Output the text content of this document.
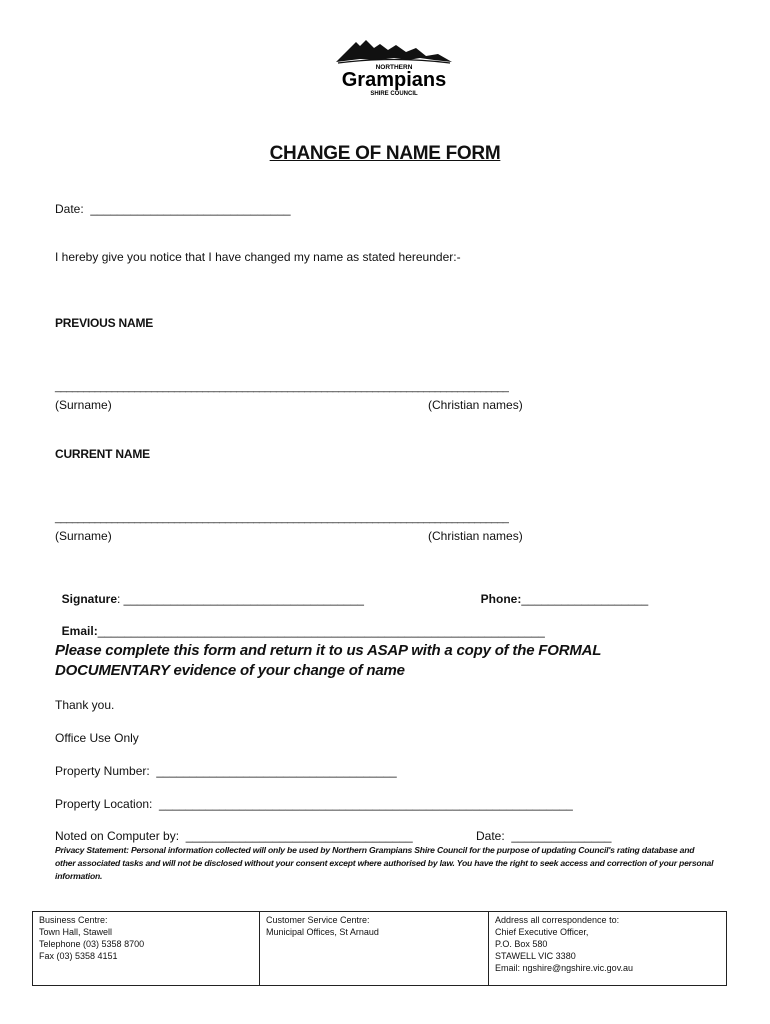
NORTHERN
Grampians
SHIRE COUNCIL
CHANGE OF NAME FORM
Date:  ______________________________
I hereby give you notice that I have changed my name as stated hereunder:-
PREVIOUS NAME
________________________________________________________________________________
(Surname)	(Christian names)
CURRENT NAME
________________________________________________________________________________
(Surname)	(Christian names)

Signature: ____________________________________	Phone:___________________

Email:___________________________________________________________________

Please complete this form and return it to us ASAP with a copy of the FORMAL DOCUMENTARY evidence of your change of name
Thank you.
Office Use Only
Property Number:  ____________________________________
Property Location:  ______________________________________________________________
Noted on Computer by:  __________________________________	Date:  _______________
Privacy Statement: Personal information collected will only be used by Northern Grampians Shire Council for the purpose of updating Council's rating database and other associated tasks and will not be disclosed without your consent except where authorised by law. You have the right to seek access and correction of your personal information.
Business Centre:
Town Hall, Stawell
Telephone (03) 5358 8700
Fax (03) 5358 4151
Customer Service Centre:
Municipal Offices, St Arnaud
Address all correspondence to:
Chief Executive Officer,
P.O. Box 580
STAWELL VIC 3380
Email: ngshire@ngshire.vic.gov.au
